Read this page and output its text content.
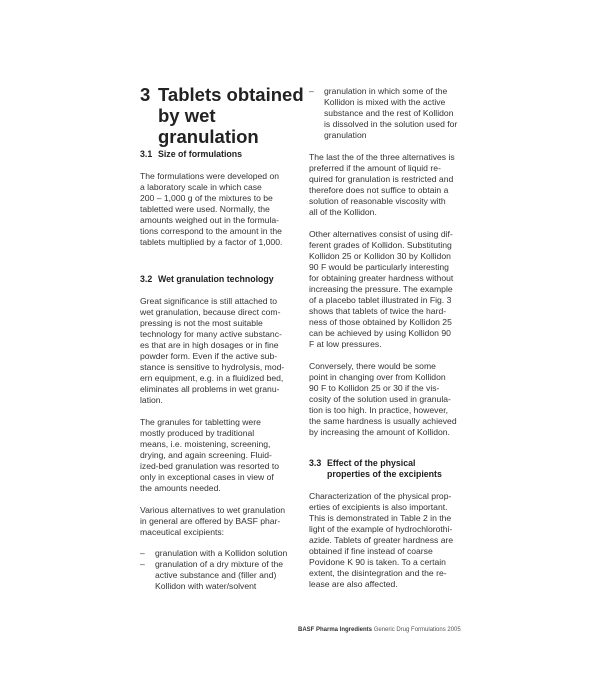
3 Tablets obtained
by wet
granulation
3.1 Size of formulations

The formulations were developed on
a laboratory scale in which case
200 – 1,000 g of the mixtures to be
tabletted were used. Normally, the
amounts weighed out in the formula-
tions correspond to the amount in the
tablets multiplied by a factor of 1,000.

3.2 Wet granulation technology

Great significance is still attached to
wet granulation, because direct com-
pressing is not the most suitable
technology for many active substanc-
es that are in high dosages or in fine
powder form. Even if the active sub-
stance is sensitive to hydrolysis, mod-
ern equipment, e.g. in a fluidized bed,
eliminates all problems in wet granu-
lation.

The granules for tabletting were
mostly produced by traditional
means, i.e. moistening, screening,
drying, and again screening. Fluid-
ized-bed granulation was resorted to
only in exceptional cases in view of
the amounts needed.

Various alternatives to wet granulation
in general are offered by BASF phar-
maceutical excipients:

– granulation with a Kollidon solution
– granulation of a dry mixture of the
active substance and (filler and)
Kollidon with water/solvent
– granulation in which some of the
Kollidon is mixed with the active
substance and the rest of Kollidon
is dissolved in the solution used for
granulation

The last the of the three alternatives is
preferred if the amount of liquid re-
quired for granulation is restricted and
therefore does not suffice to obtain a
solution of reasonable viscosity with
all of the Kollidon.

Other alternatives consist of using dif-
ferent grades of Kollidon. Substituting
Kollidon 25 or Kollidon 30 by Kollidon
90 F would be particularly interesting
for obtaining greater hardness without
increasing the pressure. The example
of a placebo tablet illustrated in Fig. 3
shows that tablets of twice the hard-
ness of those obtained by Kollidon 25
can be achieved by using Kollidon 90
F at low pressures.

Conversely, there would be some
point in changing over from Kollidon
90 F to Kollidon 25 or 30 if the vis-
cosity of the solution used in granula-
tion is too high. In practice, however,
the same hardness is usually achieved
by increasing the amount of Kollidon.

3.3 Effect of the physical
properties of the excipients

Characterization of the physical prop-
erties of excipients is also important.
This is demonstrated in Table 2 in the
light of the example of hydrochlorothi-
azide. Tablets of greater hardness are
obtained if fine instead of coarse
Povidone K 90 is taken. To a certain
extent, the disintegration and the re-
lease are also affected.

BASF Pharma Ingredients Generic Drug Formulations 2005
